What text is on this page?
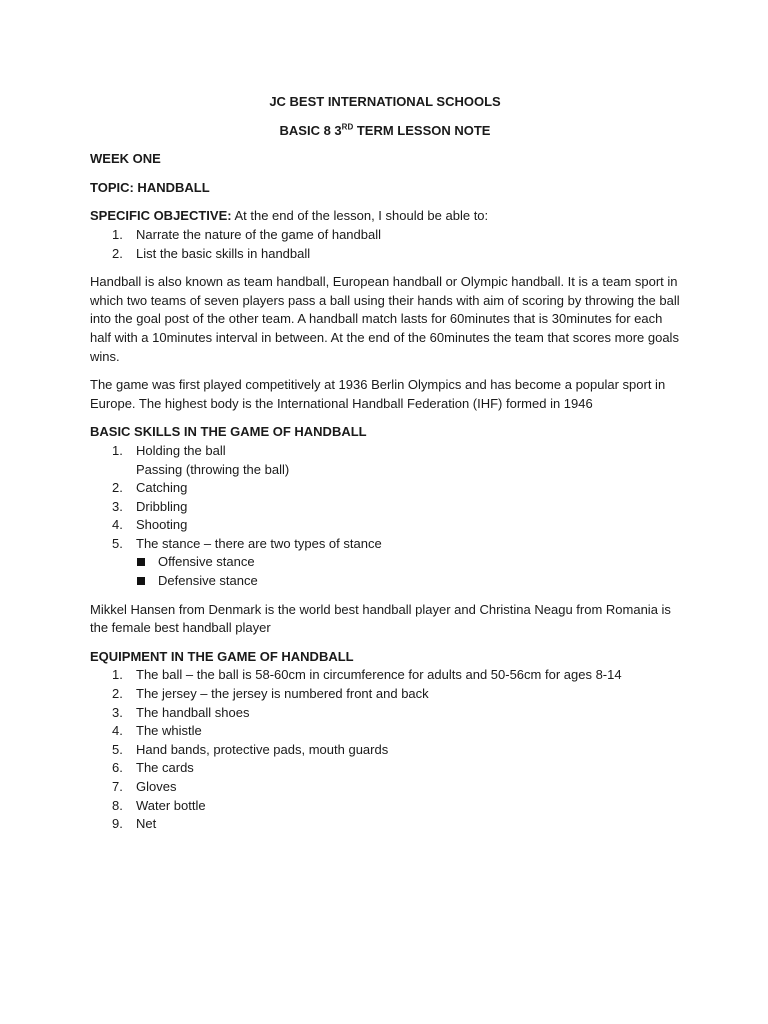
JC BEST INTERNATIONAL SCHOOLS

BASIC 8 3RD TERM LESSON NOTE

WEEK ONE

TOPIC: HANDBALL

SPECIFIC OBJECTIVE: At the end of the lesson, I should be able to:

1. Narrate the nature of the game of handball
2. List the basic skills in handball

Handball is also known as team handball, European handball or Olympic handball. It is a team sport in which two teams of seven players pass a ball using their hands with aim of scoring by throwing the ball into the goal post of the other team. A handball match lasts for 60minutes that is 30minutes for each half with a 10minutes interval in between. At the end of the 60minutes the team that scores more goals wins.

The game was first played competitively at 1936 Berlin Olympics and has become a popular sport in Europe. The highest body is the International Handball Federation (IHF) formed in 1946

BASIC SKILLS IN THE GAME OF HANDBALL

1. Holding the ball
Passing (throwing the ball)
2. Catching
3. Dribbling
4. Shooting
5. The stance – there are two types of stance
Offensive stance
Defensive stance

Mikkel Hansen from Denmark is the world best handball player and Christina Neagu from Romania is the female best handball player

EQUIPMENT IN THE GAME OF HANDBALL

1. The ball – the ball is 58-60cm in circumference for adults and 50-56cm for ages 8-14
2. The jersey – the jersey is numbered front and back
3. The handball shoes
4. The whistle
5. Hand bands, protective pads, mouth guards
6. The cards
7. Gloves
8. Water bottle
9. Net
